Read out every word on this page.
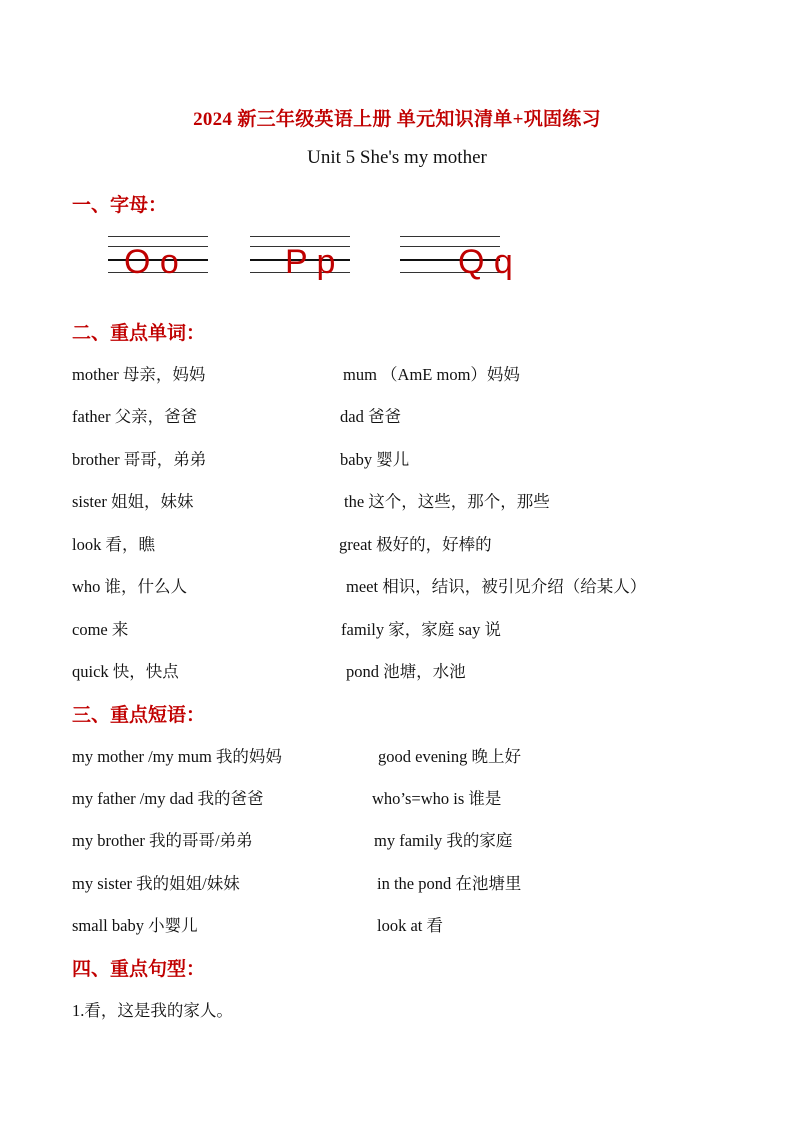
2024 新三年级英语上册 单元知识清单+巩固练习
Unit 5 She's my mother
一、字母：
O o	P p	Q q
二、重点单词：
mother 母亲，妈妈	mum （AmE mom）妈妈
father 父亲，爸爸	dad 爸爸
brother 哥哥，弟弟	baby 婴儿
sister 姐姐，妹妹	the 这个，这些，那个，那些
look 看，瞧	great 极好的，好棒的
who 谁，什么人	meet 相识，结识，被引见介绍（给某人）
come 来	family 家，家庭 say 说
quick 快，快点	pond 池塘，水池
三、重点短语：
my mother /my mum 我的妈妈	good evening 晚上好
my father /my dad 我的爸爸	who’s=who is 谁是
my brother 我的哥哥/弟弟	my family 我的家庭
my sister 我的姐姐/妹妹	in the pond 在池塘里
small baby 小婴儿	look at 看
四、重点句型：
1.看，这是我的家人。
